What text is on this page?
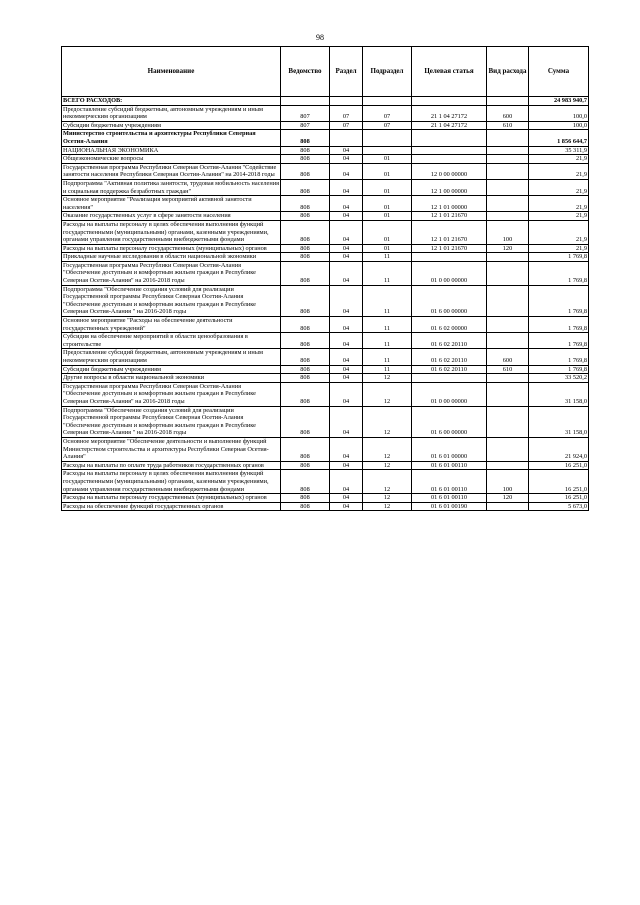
98
Наименование	Ведомство	Раздел	Подраздел	Целевая статья	Вид расхода	Сумма
ВСЕГО РАСХОДОВ:						24 983 940,7
Предоставление субсидий бюджетным, автономным учреждениям и иным некоммерческим организациям	807	07	07	21 1 04 27172	600	100,0
Субсидии бюджетным учреждениям	807	07	07	21 1 04 27172	610	100,0
Министерство строительства и архитектуры Республики Северная Осетия-Алания	808					1 856 644,7
НАЦИОНАЛЬНАЯ ЭКОНОМИКА	808	04				35 311,9
Общеэкономические вопросы	808	04	01			21,9
Государственная программа Республики Северная Осетия-Алания "Содействие занятости населения Республики Северная Осетия-Алания" на 2014-2018 годы	808	04	01	12 0 00 00000		21,9
Подпрограмма "Активная политика занятости, трудовая мобильность населения и социальная поддержка безработных граждан"	808	04	01	12 1 00 00000		21,9
Основное мероприятие "Реализация мероприятий активной занятости населения"	808	04	01	12 1 01 00000		21,9
Оказание государственных услуг в сфере занятости населения	808	04	01	12 1 01 21670		21,9
Расходы на выплаты персоналу в целях обеспечения выполнения функций государственными (муниципальными) органами, казенными учреждениями, органами управления государственными внебюджетными фондами	808	04	01	12 1 01 21670	100	21,9
Расходы на выплаты персоналу государственных (муниципальных) органов	808	04	01	12 1 01 21670	120	21,9
Прикладные научные исследования в области национальной экономики	808	04	11			1 769,8
Государственная программа Республики Северная Осетия-Алания "Обеспечение доступным и комфортным жильем граждан в Республике Северная Осетия-Алания" на 2016-2018 годы	808	04	11	01 0 00 00000		1 769,8
Подпрограмма "Обеспечение создания условий для реализации Государственной программы Республики Северная Осетия-Алания "Обеспечение доступным и комфортным жильем граждан в Республике Северная Осетия-Алания " на 2016-2018 годы	808	04	11	01 6 00 00000		1 769,8
Основное мероприятие "Расходы на обеспечение деятельности государственных учреждений"	808	04	11	01 6 02 00000		1 769,8
Субсидия на обеспечение мероприятий в области ценообразования в строительстве	808	04	11	01 6 02 20110		1 769,8
Предоставление субсидий бюджетным, автономным учреждениям и иным некоммерческим организациям	808	04	11	01 6 02 20110	600	1 769,8
Субсидии бюджетным учреждениям	808	04	11	01 6 02 20110	610	1 769,8
Другие вопросы в области национальной экономики	808	04	12			33 520,2
Государственная программа Республики Северная Осетия-Алания "Обеспечение доступным и комфортным жильем граждан в Республике Северная Осетия-Алания" на 2016-2018 годы	808	04	12	01 0 00 00000		31 158,0
Подпрограмма "Обеспечение создания условий для реализации Государственной программы Республики Северная Осетия-Алания "Обеспечение доступным и комфортным жильем граждан в Республике Северная Осетия-Алания " на 2016-2018 годы	808	04	12	01 6 00 00000		31 158,0
Основное мероприятие "Обеспечение деятельности и выполнение функций Министерством строительства и архитектуры Республики Северная Осетия-Алания"	808	04	12	01 6 01 00000		21 924,0
Расходы на выплаты по оплате труда работников государственных органов	808	04	12	01 6 01 00110		16 251,0
Расходы на выплаты персоналу в целях обеспечения выполнения функций государственными (муниципальными) органами, казенными учреждениями, органами управления государственными внебюджетными фондами	808	04	12	01 6 01 00110	100	16 251,0
Расходы на выплаты персоналу государственных (муниципальных) органов	808	04	12	01 6 01 00110	120	16 251,0
Расходы на обеспечение функций государственных органов	808	04	12	01 6 01 00190		5 673,0
